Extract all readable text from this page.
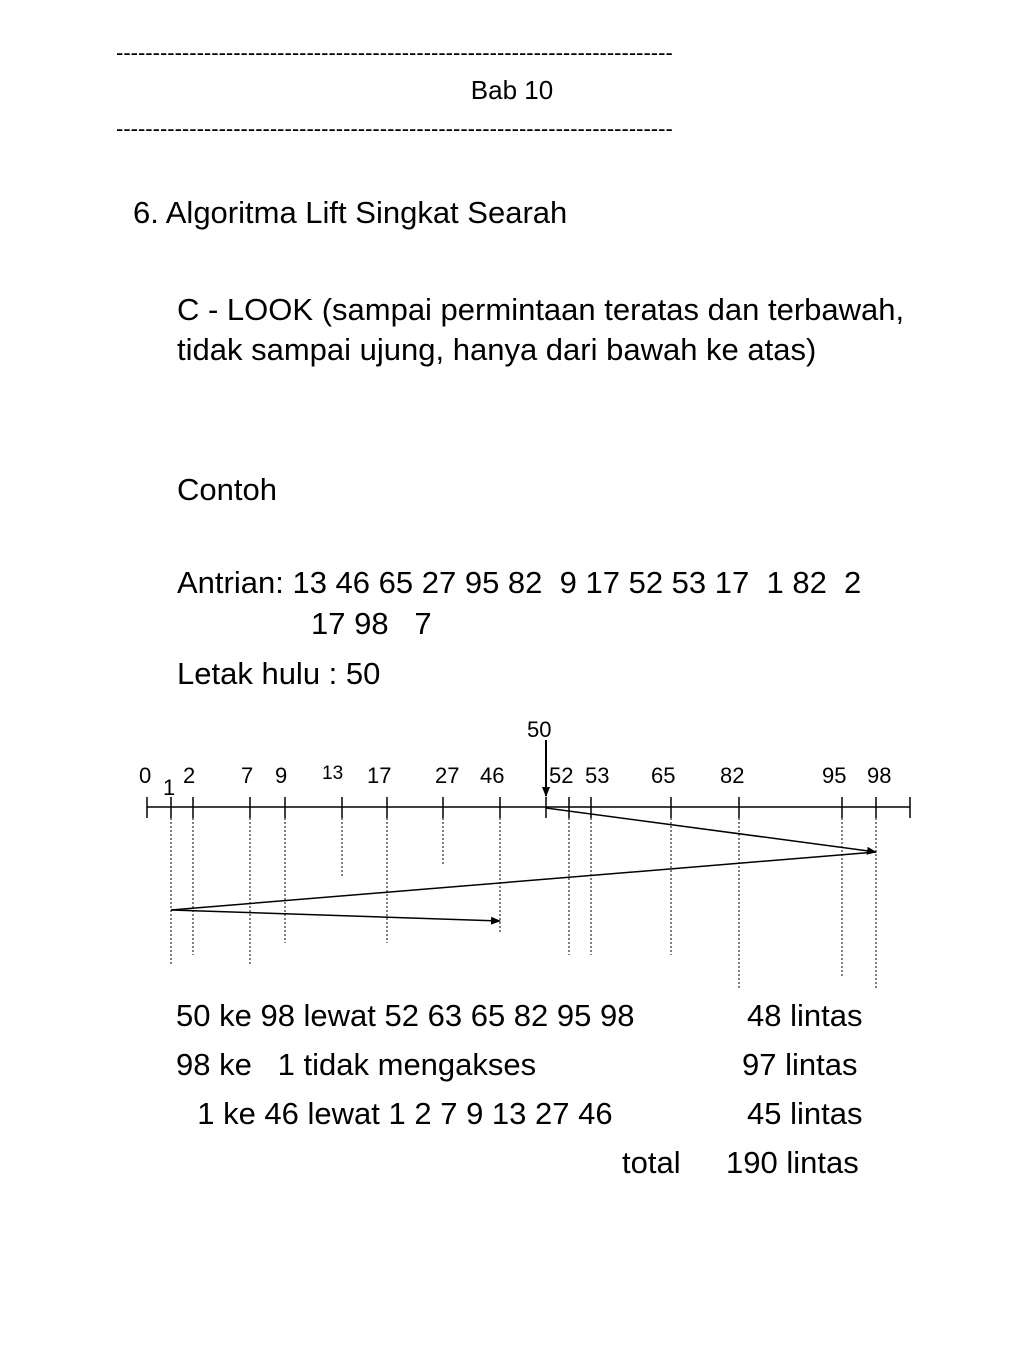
----------------------------------------------------------------------------
Bab 10
----------------------------------------------------------------------------
6. Algoritma Lift Singkat Searah
C - LOOK (sampai permintaan teratas dan terbawah, tidak sampai ujung, hanya dari bawah ke atas)
Contoh
Antrian: 13 46 65 27 95 82  9 17 52 53 17  1 82  2
17 98   7
Letak hulu : 50
50
0 1 2 7 9 13 17 27 46 52 53 65 82	95 98
50 ke 98 lewat 52 63 65 82 95 98	48 lintas
98 ke   1 tidak mengakses	97 lintas
1 ke 46 lewat 1 2 7 9 13 27 46	45 lintas
total 190 lintas
